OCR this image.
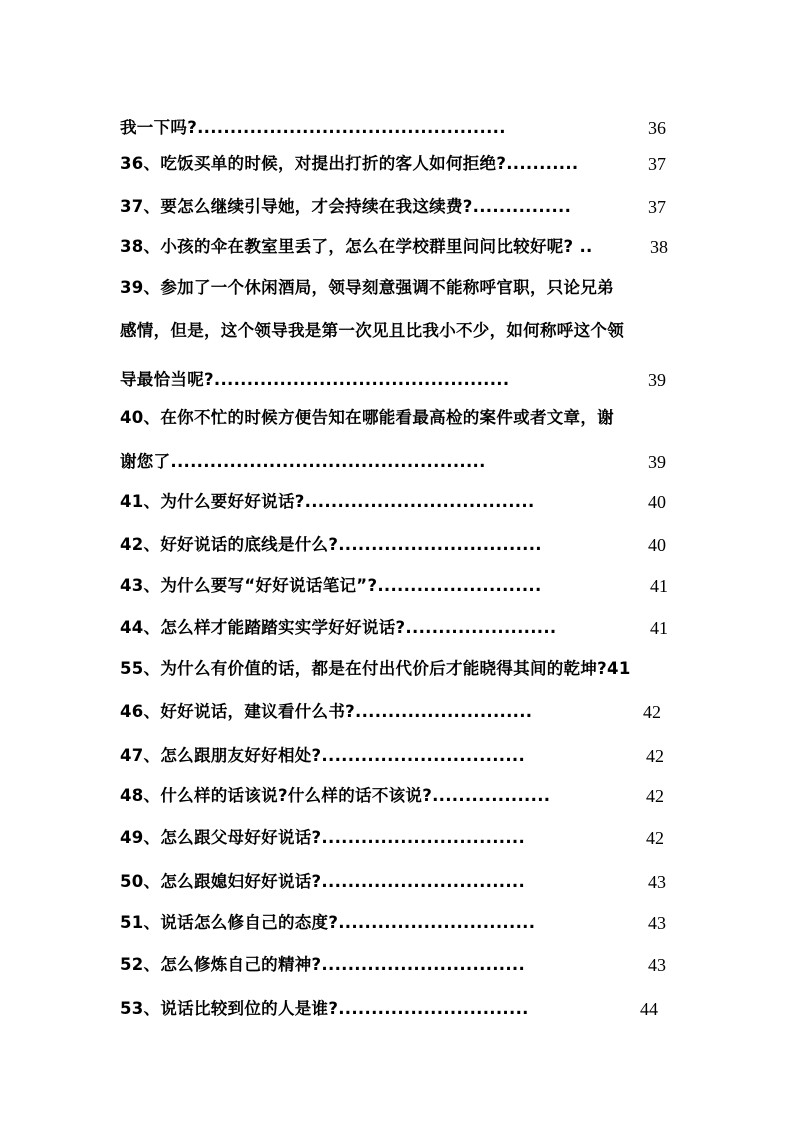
我一下吗?...............................................	36
36、吃饭买单的时候，对提出打折的客人如何拒绝?...........	37
37、要怎么继续引导她，才会持续在我这续费?...............	37
38、小孩的伞在教室里丢了，怎么在学校群里问问比较好呢? ..	38
39、参加了一个休闲酒局，领导刻意强调不能称呼官职，只论兄弟
感情，但是，这个领导我是第一次见且比我小不少，如何称呼这个领
导最恰当呢?.............................................	39
40、在你不忙的时候方便告知在哪能看最高检的案件或者文章，谢
谢您了................................................	39
41、为什么要好好说话?...................................	40
42、好好说话的底线是什么?...............................	40
43、为什么要写“好好说话笔记”?.........................	41
44、怎么样才能踏踏实实学好好说话?.......................	41
55、为什么有价值的话，都是在付出代价后才能晓得其间的乾坤?41
46、好好说话，建议看什么书?...........................	42
47、怎么跟朋友好好相处?...............................	42
48、什么样的话该说?什么样的话不该说?..................	42
49、怎么跟父母好好说话?...............................	42
50、怎么跟媳妇好好说话?...............................	43
51、说话怎么修自己的态度?..............................	43
52、怎么修炼自己的精神?...............................	43
53、说话比较到位的人是谁?.............................	44
